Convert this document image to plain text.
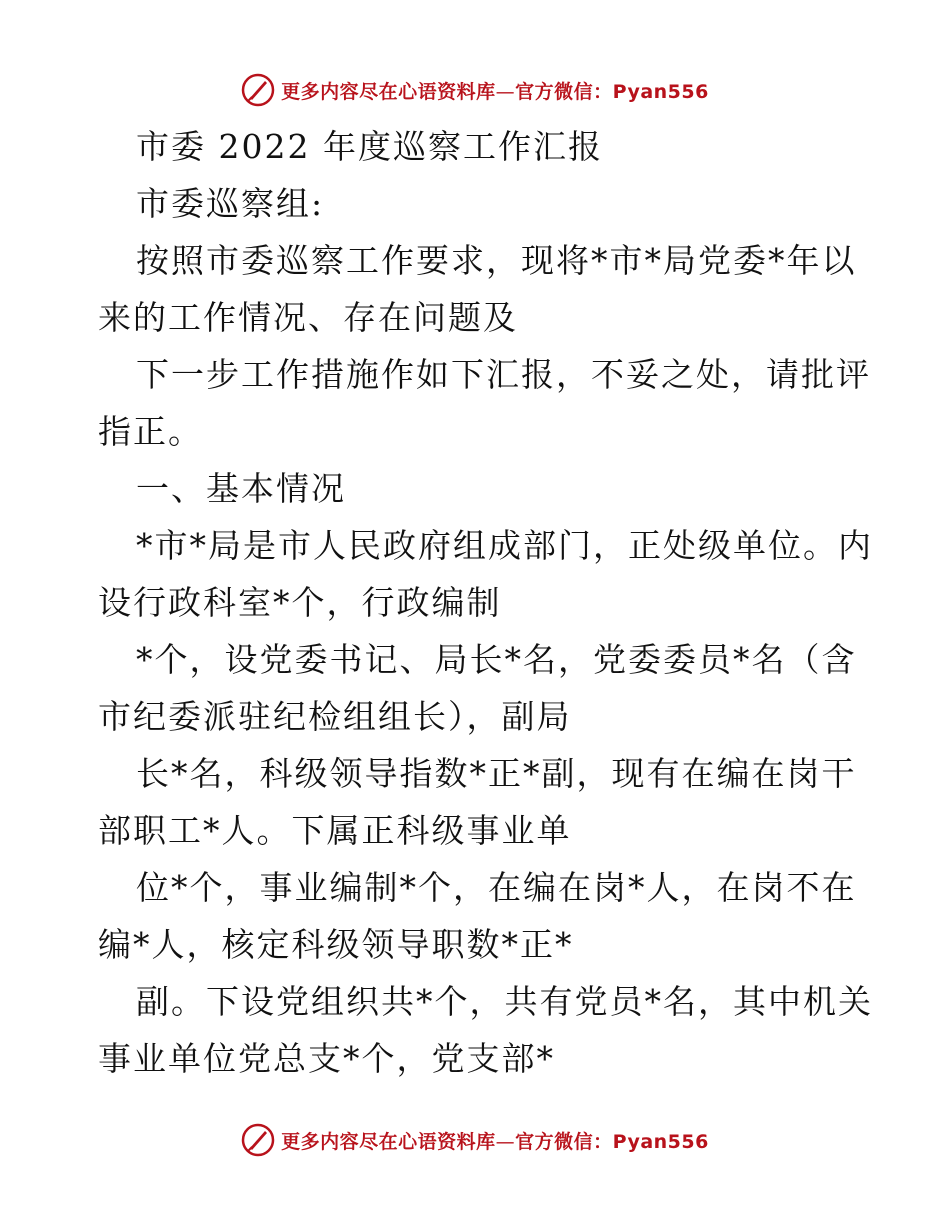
更多内容尽在心语资料库—官方微信：Pyan556
市委 2022 年度巡察工作汇报
市委巡察组:
按照市委巡察工作要求，现将*市*局党委*年以
来的工作情况、存在问题及
下一步工作措施作如下汇报，不妥之处，请批评
指正。
一、基本情况
*市*局是市人民政府组成部门，正处级单位。内
设行政科室*个，行政编制
*个，设党委书记、局长*名，党委委员*名（含
市纪委派驻纪检组组长），副局
长*名，科级领导指数*正*副，现有在编在岗干
部职工*人。下属正科级事业单
位*个，事业编制*个，在编在岗*人，在岗不在
编*人，核定科级领导职数*正*
副。下设党组织共*个，共有党员*名，其中机关
事业单位党总支*个，党支部*
更多内容尽在心语资料库—官方微信：Pyan556
